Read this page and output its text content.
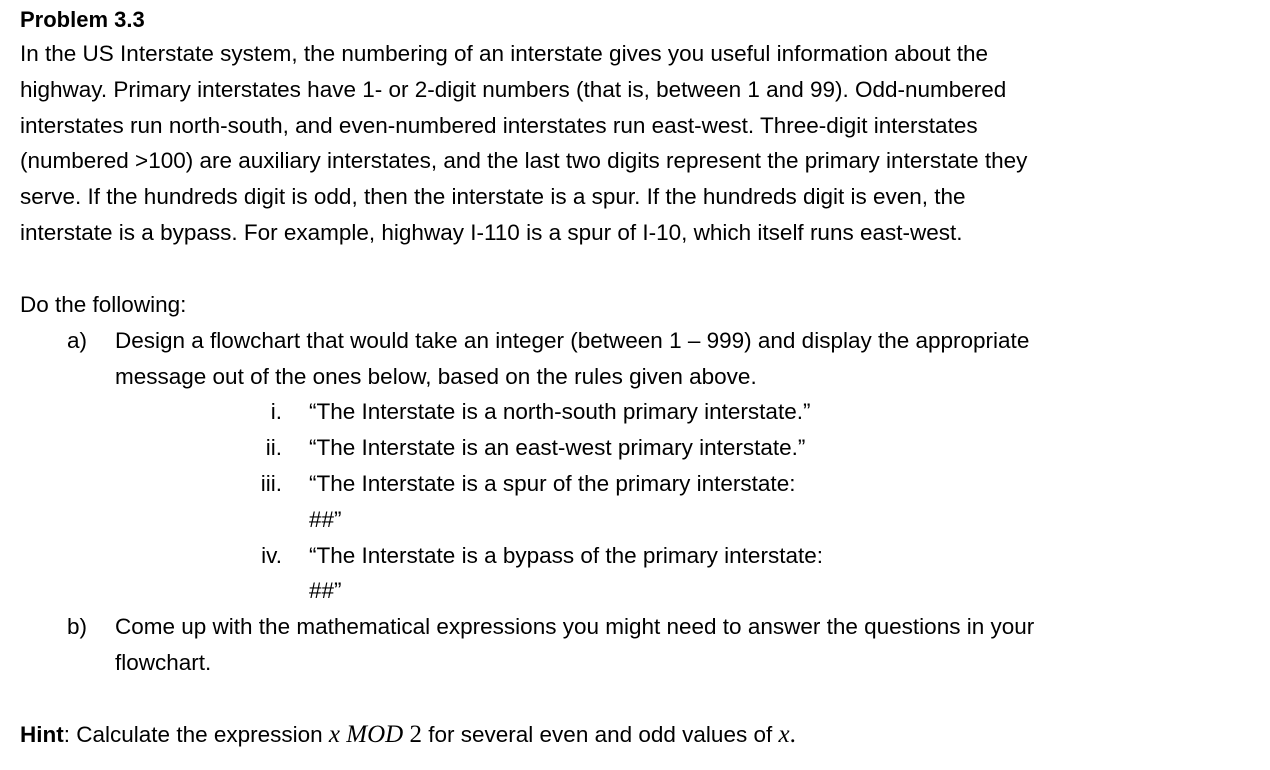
Problem 3.3

In the US Interstate system, the numbering of an interstate gives you useful information about the
highway. Primary interstates have 1- or 2-digit numbers (that is, between 1 and 99). Odd-numbered
interstates run north-south, and even-numbered interstates run east-west. Three-digit interstates
(numbered >100) are auxiliary interstates, and the last two digits represent the primary interstate they
serve. If the hundreds digit is odd, then the interstate is a spur. If the hundreds digit is even, the
interstate is a bypass. For example, highway I-110 is a spur of I-10, which itself runs east-west.

Do the following:

a) Design a flowchart that would take an integer (between 1 – 999) and display the appropriate
message out of the ones below, based on the rules given above.
i. “The Interstate is a north-south primary interstate.”
ii. “The Interstate is an east-west primary interstate.”
iii. “The Interstate is a spur of the primary interstate:
##”
iv. “The Interstate is a bypass of the primary interstate:
##”
b) Come up with the mathematical expressions you might need to answer the questions in your
flowchart.

Hint: Calculate the expression x MOD 2 for several even and odd values of x.
